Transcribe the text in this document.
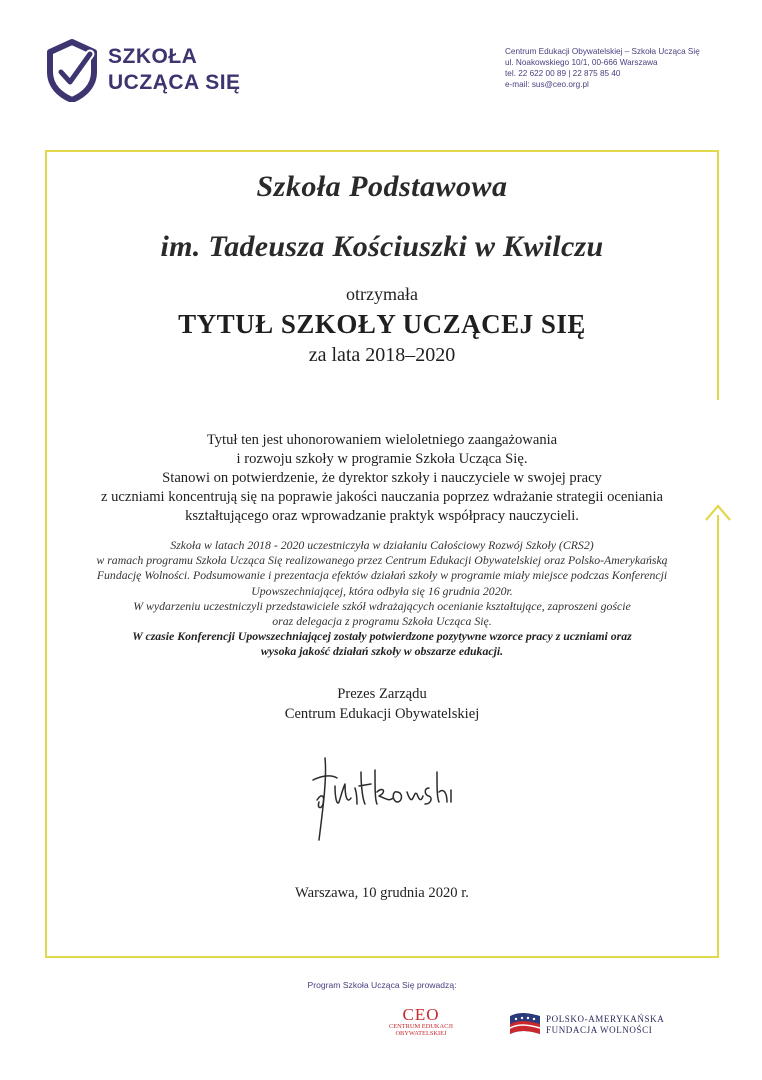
SZKOŁA
UCZĄCA SIĘ
Centrum Edukacji Obywatelskiej – Szkoła Ucząca Się
ul. Noakowskiego 10/1, 00-666 Warszawa
tel. 22 622 00 89 | 22 875 85 40
e-mail: sus@ceo.org.pl
Szkoła Podstawowa
im. Tadeusza Kościuszki w Kwilczu
otrzymała
TYTUŁ SZKOŁY UCZĄCEJ SIĘ
za lata 2018–2020
Tytuł ten jest uhonorowaniem wieloletniego zaangażowania
i rozwoju szkoły w programie Szkoła Ucząca Się.
Stanowi on potwierdzenie, że dyrektor szkoły i nauczyciele w swojej pracy
z uczniami koncentrują się na poprawie jakości nauczania poprzez wdrażanie strategii oceniania
kształtującego oraz wprowadzanie praktyk współpracy nauczycieli.
Szkoła w latach 2018 - 2020 uczestniczyła w działaniu Całościowy Rozwój Szkoły (CRS2)
w ramach programu Szkoła Ucząca Się realizowanego przez Centrum Edukacji Obywatelskiej oraz Polsko-Amerykańską
Fundację Wolności. Podsumowanie i prezentacja efektów działań szkoły w programie miały miejsce podczas Konferencji
Upowszechniającej, która odbyła się 16 grudnia 2020r.
W wydarzeniu uczestniczyli przedstawiciele szkół wdrażających ocenianie kształtujące, zaproszeni goście
oraz delegacja z programu Szkoła Ucząca Się.
W czasie Konferencji Upowszechniającej zostały potwierdzone pozytywne wzorce pracy z uczniami oraz
wysoka jakość działań szkoły w obszarze edukacji.
Prezes Zarządu
Centrum Edukacji Obywatelskiej
Warszawa, 10 grudnia 2020 r.
Program Szkoła Ucząca Się prowadzą:
CEO
CENTRUM EDUKACJI
OBYWATELSKIEJ
POLSKO-AMERYKAŃSKA
FUNDACJA WOLNOŚCI
